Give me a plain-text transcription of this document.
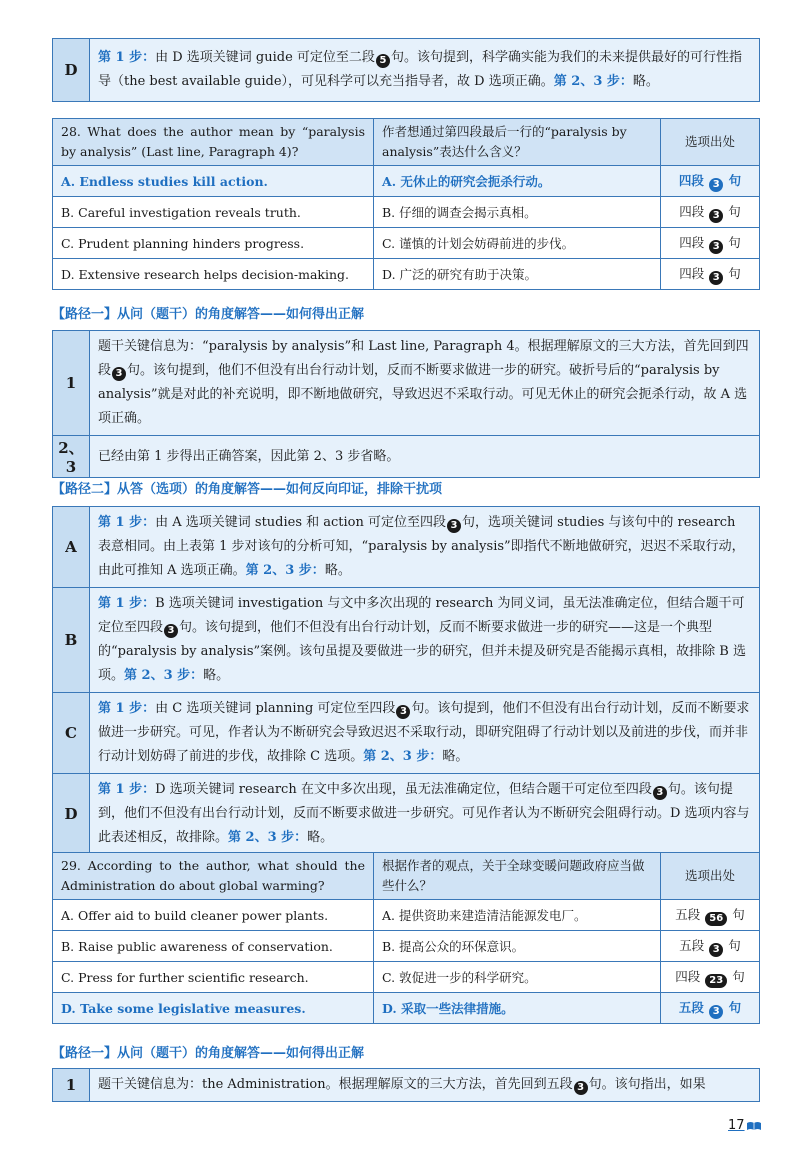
D	第 1 步：由 D 选项关键词 guide 可定位至二段 5 句。该句提到，科学确实能为我们的未来提供最好的可行性指导（the best available guide），可见科学可以充当指导者，故 D 选项正确。第 2、3 步：略。
28. What does the author mean by “paralysis by analysis” (Last line, Paragraph 4)?	作者想通过第四段最后一行的“paralysis by analysis”表达什么含义？	选项出处
A. Endless studies kill action.	A. 无休止的研究会扼杀行动。	四段 3 句
B. Careful investigation reveals truth.	B. 仔细的调查会揭示真相。	四段 3 句
C. Prudent planning hinders progress.	C. 谨慎的计划会妨碍前进的步伐。	四段 3 句
D. Extensive research helps decision-making.	D. 广泛的研究有助于决策。	四段 3 句
【路径一】从问（题干）的角度解答——如何得出正解
1	题干关键信息为：“paralysis by analysis”和 Last line, Paragraph 4。根据理解原文的三大方法，首先回到四段 3 句。该句提到，他们不但没有出台行动计划，反而不断要求做进一步的研究。破折号后的“paralysis by analysis”就是对此的补充说明，即不断地做研究，导致迟迟不采取行动。可见无休止的研究会扼杀行动，故 A 选项正确。
2、3	已经由第 1 步得出正确答案，因此第 2、3 步省略。
【路径二】从答（选项）的角度解答——如何反向印证，排除干扰项
A	第 1 步：由 A 选项关键词 studies 和 action 可定位至四段 3 句，选项关键词 studies 与该句中的 research 表意相同。由上表第 1 步对该句的分析可知，“paralysis by analysis”即指代不断地做研究，迟迟不采取行动，由此可推知 A 选项正确。第 2、3 步：略。
B	第 1 步：B 选项关键词 investigation 与文中多次出现的 research 为同义词，虽无法准确定位，但结合题干可定位至四段 3 句。该句提到，他们不但没有出台行动计划，反而不断要求做进一步的研究——这是一个典型的“paralysis by analysis”案例。该句虽提及要做进一步的研究，但并未提及研究是否能揭示真相，故排除 B 选项。第 2、3 步：略。
C	第 1 步：由 C 选项关键词 planning 可定位至四段 3 句。该句提到，他们不但没有出台行动计划，反而不断要求做进一步研究。可见，作者认为不断研究会导致迟迟不采取行动，即研究阻碍了行动计划以及前进的步伐，而并非行动计划妨碍了前进的步伐，故排除 C 选项。第 2、3 步：略。
D	第 1 步：D 选项关键词 research 在文中多次出现，虽无法准确定位，但结合题干可定位至四段 3 句。该句提到，他们不但没有出台行动计划，反而不断要求做进一步研究。可见作者认为不断研究会阻碍行动。D 选项内容与此表述相反，故排除。第 2、3 步：略。
29. According to the author, what should the Administration do about global warming?	根据作者的观点，关于全球变暖问题政府应当做些什么？	选项出处
A. Offer aid to build cleaner power plants.	A. 提供资助来建造清洁能源发电厂。	五段 56 句
B. Raise public awareness of conservation.	B. 提高公众的环保意识。	五段 3 句
C. Press for further scientific research.	C. 敦促进一步的科学研究。	四段 23 句
D. Take some legislative measures.	D. 采取一些法律措施。	五段 3 句
【路径一】从问（题干）的角度解答——如何得出正解
1	题干关键信息为：the Administration。根据理解原文的三大方法，首先回到五段 3 句。该句指出，如果
17
